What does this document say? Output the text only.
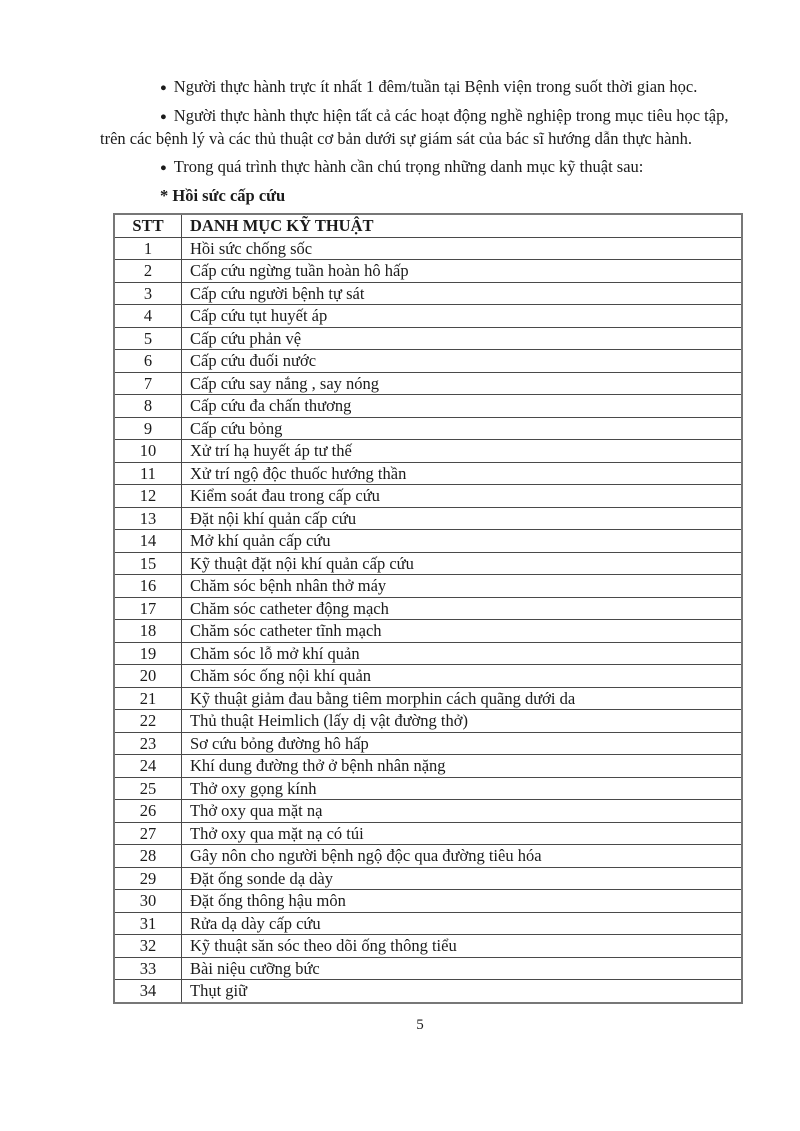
● Người thực hành trực ít nhất 1 đêm/tuần tại Bệnh viện trong suốt thời gian học.

● Người thực hành thực hiện tất cả các hoạt động nghề nghiệp trong mục tiêu học tập, trên các bệnh lý và các thủ thuật cơ bản dưới sự giám sát của bác sĩ hướng dẫn thực hành.

● Trong quá trình thực hành cần chú trọng những danh mục kỹ thuật sau:

* Hồi sức cấp cứu

STT	DANH MỤC KỸ THUẬT
1	Hồi sức chống sốc
2	Cấp cứu ngừng tuần hoàn hô hấp
3	Cấp cứu người bệnh tự sát
4	Cấp cứu tụt huyết áp
5	Cấp cứu phản vệ
6	Cấp cứu đuối nước
7	Cấp cứu say nắng , say nóng
8	Cấp cứu đa chấn thương
9	Cấp cứu bỏng
10	Xử trí hạ huyết áp tư thế
11	Xử trí ngộ độc thuốc hướng thần
12	Kiểm soát đau trong cấp cứu
13	Đặt nội khí quản cấp cứu
14	Mở khí quản cấp cứu
15	Kỹ thuật đặt nội khí quản cấp cứu
16	Chăm sóc bệnh nhân thở máy
17	Chăm sóc catheter động mạch
18	Chăm sóc catheter tĩnh mạch
19	Chăm sóc lỗ mở khí quản
20	Chăm sóc ống nội khí quản
21	Kỹ thuật giảm đau bằng tiêm morphin cách quãng dưới da
22	Thủ thuật Heimlich (lấy dị vật đường thở)
23	Sơ cứu bỏng đường hô hấp
24	Khí dung đường thở ở bệnh nhân nặng
25	Thở oxy gọng kính
26	Thở oxy qua mặt nạ
27	Thở oxy qua mặt nạ có túi
28	Gây nôn cho người bệnh ngộ độc qua đường tiêu hóa
29	Đặt ống sonde dạ dày
30	Đặt ống thông hậu môn
31	Rửa dạ dày cấp cứu
32	Kỹ thuật săn sóc theo dõi ống thông tiểu
33	Bài niệu cưỡng bức
34	Thụt giữ
5
